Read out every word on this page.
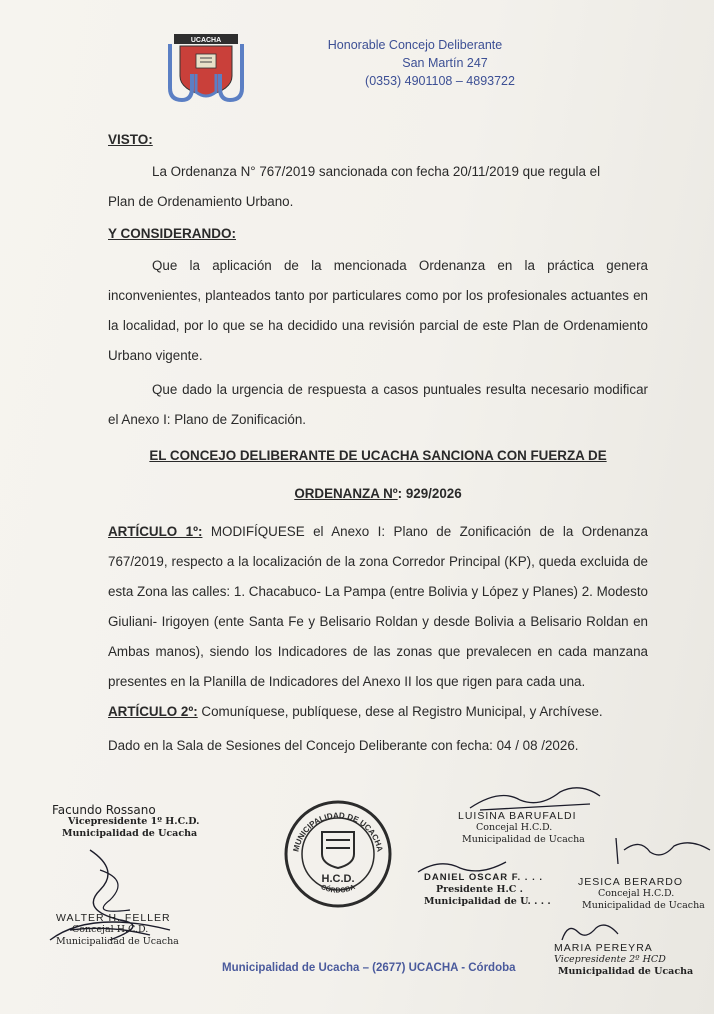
UCACHA	Honorable Concejo Deliberante
San Martín 247
(0353) 4901108 – 4893722
VISTO:
La Ordenanza N° 767/2019 sancionada con fecha 20/11/2019 que regula el
Plan de Ordenamiento Urbano.
Y CONSIDERANDO:
Que la aplicación de la mencionada Ordenanza en la práctica genera inconvenientes, planteados tanto por particulares como por los profesionales actuantes en la localidad, por lo que se ha decidido una revisión parcial de este Plan de Ordenamiento Urbano vigente.
Que dado la urgencia de respuesta a casos puntuales resulta necesario modificar el Anexo I: Plano de Zonificación.
EL CONCEJO DELIBERANTE DE UCACHA SANCIONA CON FUERZA DE
ORDENANZA Nº: 929/2026
ARTÍCULO 1º: MODIFÍQUESE el Anexo I: Plano de Zonificación de la Ordenanza 767/2019, respecto a la localización de la zona Corredor Principal (KP), queda excluida de esta Zona las calles: 1. Chacabuco- La Pampa (entre Bolivia y López y Planes) 2. Modesto Giuliani- Irigoyen (ente Santa Fe y Belisario Roldan y desde Bolivia a Belisario Roldan en Ambas manos), siendo los Indicadores de las zonas que prevalecen en cada manzana presentes en la Planilla de Indicadores del Anexo II los que rigen para cada una.
ARTÍCULO 2º: Comuníquese, publíquese, dese al Registro Municipal, y Archívese.
Dado en la Sala de Sesiones del Concejo Deliberante con fecha: 04 / 08 /2026.
Facundo Rossano
Vicepresidente 1º H.C.D.
Municipalidad de Ucacha
WALTER H. FELLER
Concejal H.C.D.
Municipalidad de Ucacha
LUISINA BARUFALDI
Concejal H.C.D.
Municipalidad de Ucacha
DANIEL OSCAR F. . . .
Presidente H.C .
Municipalidad de U. . . .
JESICA BERARDO
Concejal H.C.D.
Municipalidad de Ucacha
MARIA PEREYRA
Vicepresidente 2º HCD
Municipalidad de Ucacha
MUNICIPALIDAD DE UCACHA
H.C.D.
CÓRDOBA
Municipalidad de Ucacha – (2677) UCACHA - Córdoba
